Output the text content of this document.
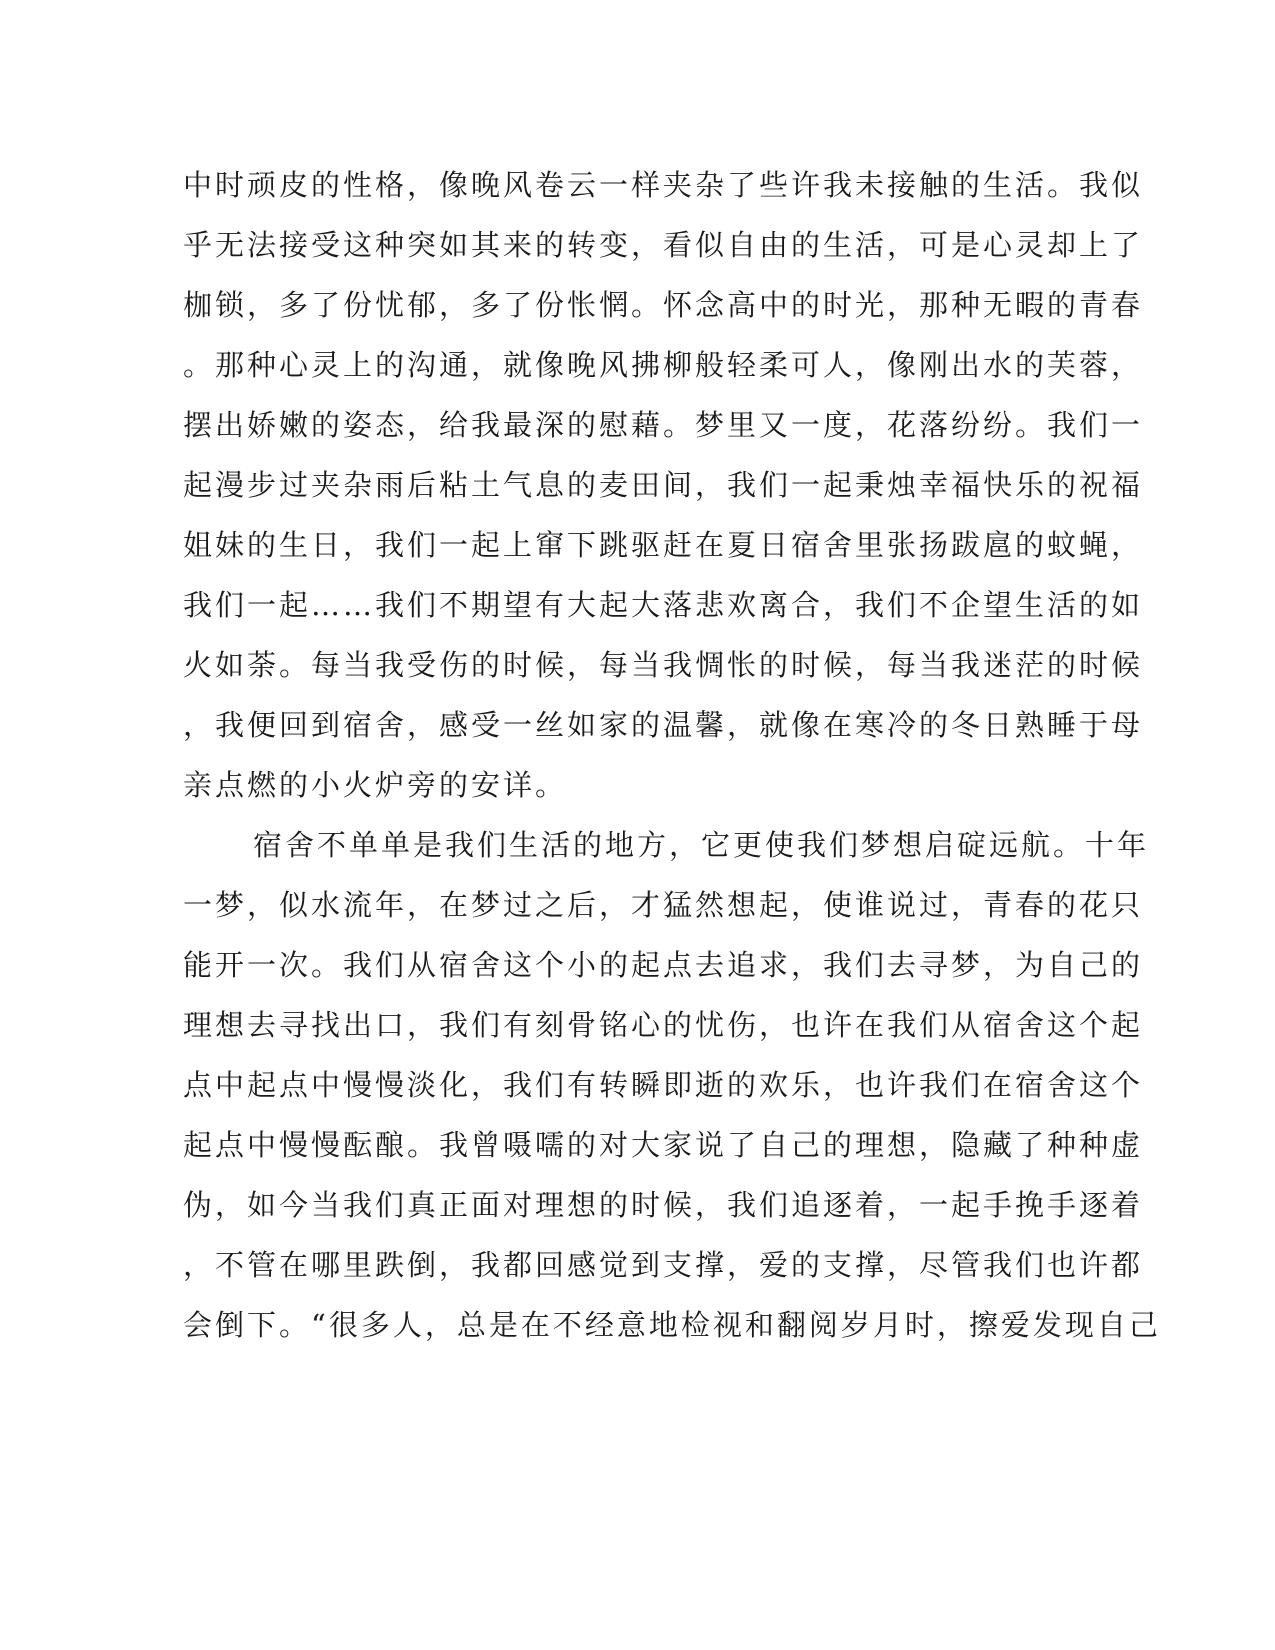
中时顽皮的性格，像晚风卷云一样夹杂了些许我未接触的生活。我似
乎无法接受这种突如其来的转变，看似自由的生活，可是心灵却上了
枷锁，多了份忧郁，多了份怅惘。怀念高中的时光，那种无暇的青春
。那种心灵上的沟通，就像晚风拂柳般轻柔可人，像刚出水的芙蓉，
摆出娇嫩的姿态，给我最深的慰藉。梦里又一度，花落纷纷。我们一
起漫步过夹杂雨后粘土气息的麦田间，我们一起秉烛幸福快乐的祝福
姐妹的生日，我们一起上窜下跳驱赶在夏日宿舍里张扬跋扈的蚊蝇，
我们一起……我们不期望有大起大落悲欢离合，我们不企望生活的如
火如荼。每当我受伤的时候，每当我惆怅的时候，每当我迷茫的时候
，我便回到宿舍，感受一丝如家的温馨，就像在寒冷的冬日熟睡于母
亲点燃的小火炉旁的安详。
宿舍不单单是我们生活的地方，它更使我们梦想启碇远航。十年
一梦，似水流年，在梦过之后，才猛然想起，使谁说过，青春的花只
能开一次。我们从宿舍这个小的起点去追求，我们去寻梦，为自己的
理想去寻找出口，我们有刻骨铭心的忧伤，也许在我们从宿舍这个起
点中起点中慢慢淡化，我们有转瞬即逝的欢乐，也许我们在宿舍这个
起点中慢慢酝酿。我曾嗫嚅的对大家说了自己的理想，隐藏了种种虚
伪，如今当我们真正面对理想的时候，我们追逐着，一起手挽手逐着
，不管在哪里跌倒，我都回感觉到支撑，爱的支撑，尽管我们也许都
会倒下。“很多人，总是在不经意地检视和翻阅岁月时，擦爱发现自己
